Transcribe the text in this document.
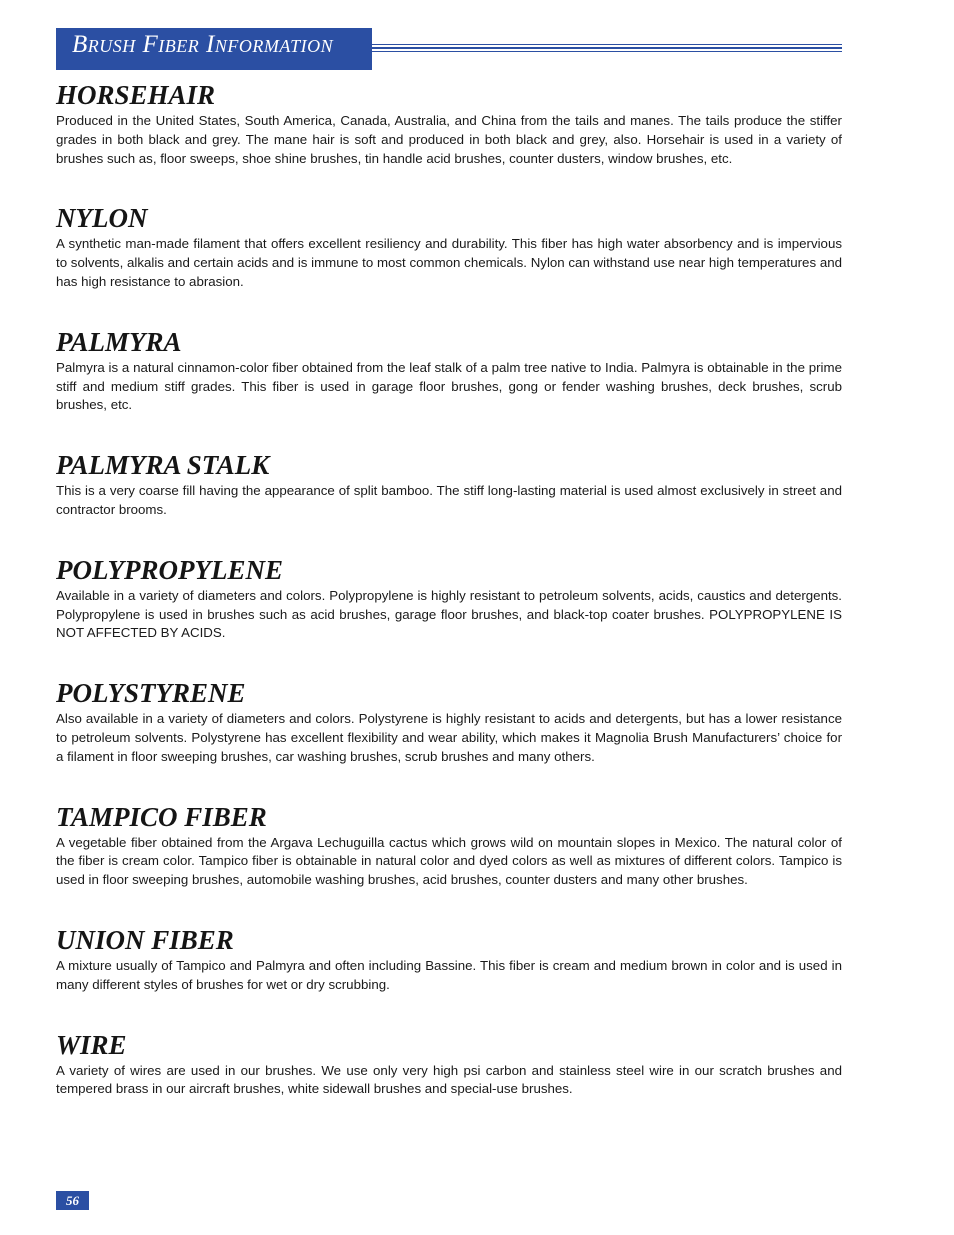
Brush Fiber Information
HORSEHAIR

Produced in the United States, South America, Canada, Australia, and China from the tails and manes. The tails produce the stiffer grades in both black and grey. The mane hair is soft and produced in both black and grey, also. Horsehair is used in a variety of brushes such as, floor sweeps, shoe shine brushes, tin handle acid brushes, counter dusters, window brushes, etc.

NYLON

A synthetic man-made filament that offers excellent resiliency and durability. This fiber has high water absorbency and is impervious to solvents, alkalis and certain acids and is immune to most common chemicals. Nylon can withstand use near high temperatures and has high resistance to abrasion.

PALMYRA

Palmyra is a natural cinnamon-color fiber obtained from the leaf stalk of a palm tree native to India. Palmyra is obtainable in the prime stiff and medium stiff grades. This fiber is used in garage floor brushes, gong or fender washing brushes, deck brushes, scrub brushes, etc.

PALMYRA STALK

This is a very coarse fill having the appearance of split bamboo. The stiff long-lasting material is used almost exclusively in street and contractor brooms.

POLYPROPYLENE

Available in a variety of diameters and colors. Polypropylene is highly resistant to petroleum solvents, acids, caustics and detergents. Polypropylene is used in brushes such as acid brushes, garage floor brushes, and black-top coater brushes. POLYPROPYLENE IS NOT AFFECTED BY ACIDS.

POLYSTYRENE

Also available in a variety of diameters and colors. Polystyrene is highly resistant to acids and detergents, but has a lower resistance to petroleum solvents. Polystyrene has excellent flexibility and wear ability, which makes it Magnolia Brush Manufacturers’ choice for a filament in floor sweeping brushes, car washing brushes, scrub brushes and many others.

TAMPICO FIBER

A vegetable fiber obtained from the Argava Lechuguilla cactus which grows wild on mountain slopes in Mexico. The natural color of the fiber is cream color. Tampico fiber is obtainable in natural color and dyed colors as well as mixtures of different colors. Tampico is used in floor sweeping brushes, automobile washing brushes, acid brushes, counter dusters and many other brushes.

UNION FIBER

A mixture usually of Tampico and Palmyra and often including Bassine. This fiber is cream and medium brown in color and is used in many different styles of brushes for wet or dry scrubbing.

WIRE

A variety of wires are used in our brushes. We use only very high psi carbon and stainless steel wire in our scratch brushes and tempered brass in our aircraft brushes, white sidewall brushes and special-use brushes.

56
